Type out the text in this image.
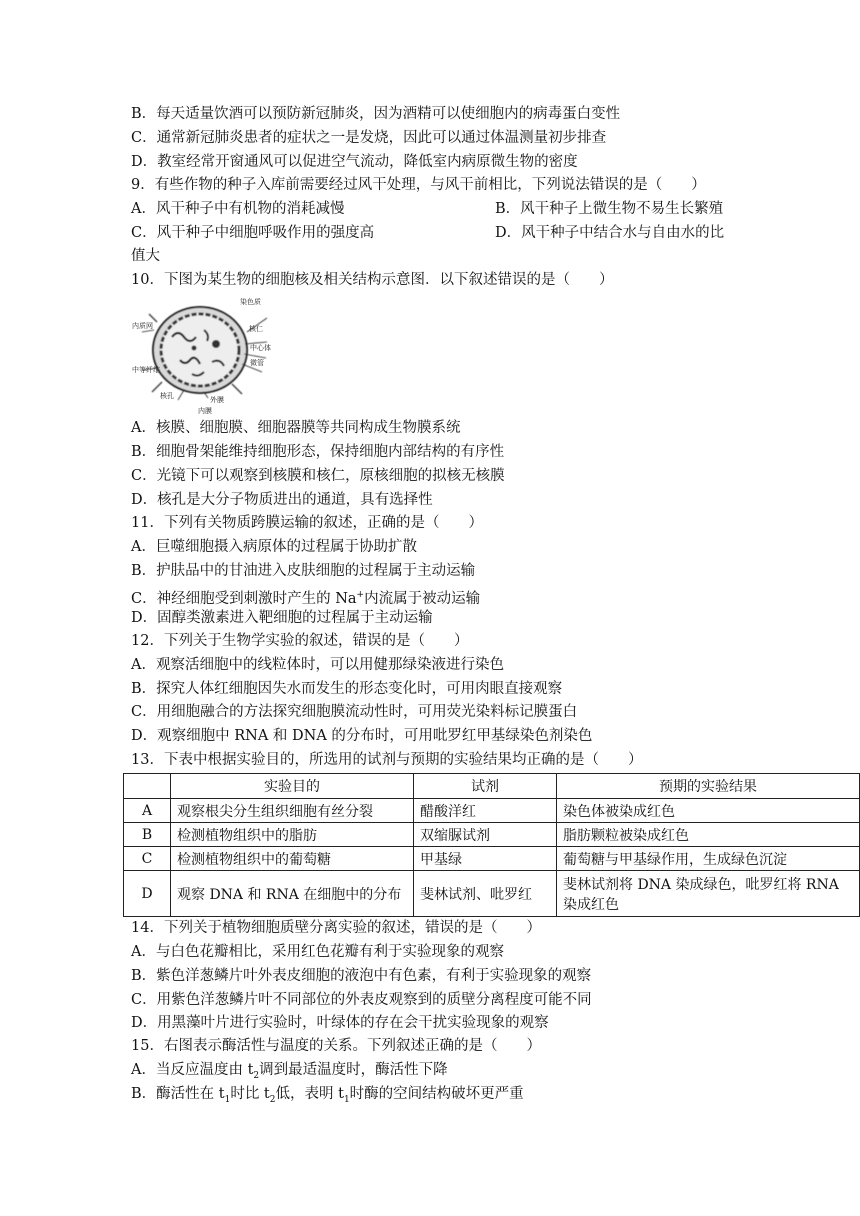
B．每天适量饮酒可以预防新冠肺炎，因为酒精可以使细胞内的病毒蛋白变性
C．通常新冠肺炎患者的症状之一是发烧，因此可以通过体温测量初步排查
D．教室经常开窗通风可以促进空气流动，降低室内病原微生物的密度
9．有些作物的种子入库前需要经过风干处理，与风干前相比，下列说法错误的是（　　）
A．风干种子中有机物的消耗减慢	B．风干种子上微生物不易生长繁殖
C．风干种子中细胞呼吸作用的强度高	D．风干种子中结合水与自由水的比
值大
10．下图为某生物的细胞核及相关结构示意图．以下叙述错误的是（　　）
染色质
核仁
中心体
微管
内质网
中等纤维
核孔	外膜
内膜
A．核膜、细胞膜、细胞器膜等共同构成生物膜系统
B．细胞骨架能维持细胞形态，保持细胞内部结构的有序性
C．光镜下可以观察到核膜和核仁，原核细胞的拟核无核膜
D．核孔是大分子物质进出的通道，具有选择性
11．下列有关物质跨膜运输的叙述，正确的是（　　）
A．巨噬细胞摄入病原体的过程属于协助扩散
B．护肤品中的甘油进入皮肤细胞的过程属于主动运输
C．神经细胞受到刺激时产生的 Na+内流属于被动运输
D．固醇类激素进入靶细胞的过程属于主动运输
12．下列关于生物学实验的叙述，错误的是（　　）
A．观察活细胞中的线粒体时，可以用健那绿染液进行染色
B．探究人体红细胞因失水而发生的形态变化时，可用肉眼直接观察
C．用细胞融合的方法探究细胞膜流动性时，可用荧光染料标记膜蛋白
D．观察细胞中 RNA 和 DNA 的分布时，可用吡罗红甲基绿染色剂染色
13．下表中根据实验目的，所选用的试剂与预期的实验结果均正确的是（　　）
	实验目的	试剂	预期的实验结果
A	观察根尖分生组织细胞有丝分裂	醋酸洋红	染色体被染成红色
B	检测植物组织中的脂肪	双缩脲试剂	脂肪颗粒被染成红色
C	检测植物组织中的葡萄糖	甲基绿	葡萄糖与甲基绿作用，生成绿色沉淀
D	观察 DNA 和 RNA 在细胞中的分布	斐林试剂、吡罗红	斐林试剂将 DNA 染成绿色，吡罗红将 RNA 染成红色
14．下列关于植物细胞质壁分离实验的叙述，错误的是（　　）
A．与白色花瓣相比，采用红色花瓣有利于实验现象的观察
B．紫色洋葱鳞片叶外表皮细胞的液泡中有色素，有利于实验现象的观察
C．用紫色洋葱鳞片叶不同部位的外表皮观察到的质壁分离程度可能不同
D．用黑藻叶片进行实验时，叶绿体的存在会干扰实验现象的观察
15．右图表示酶活性与温度的关系。下列叙述正确的是（　　）
A．当反应温度由 $t_2$调到最适温度时，酶活性下降
B．酶活性在 $t_1$时比 $t_2$低，表明 $t_1$时酶的空间结构破坏更严重
